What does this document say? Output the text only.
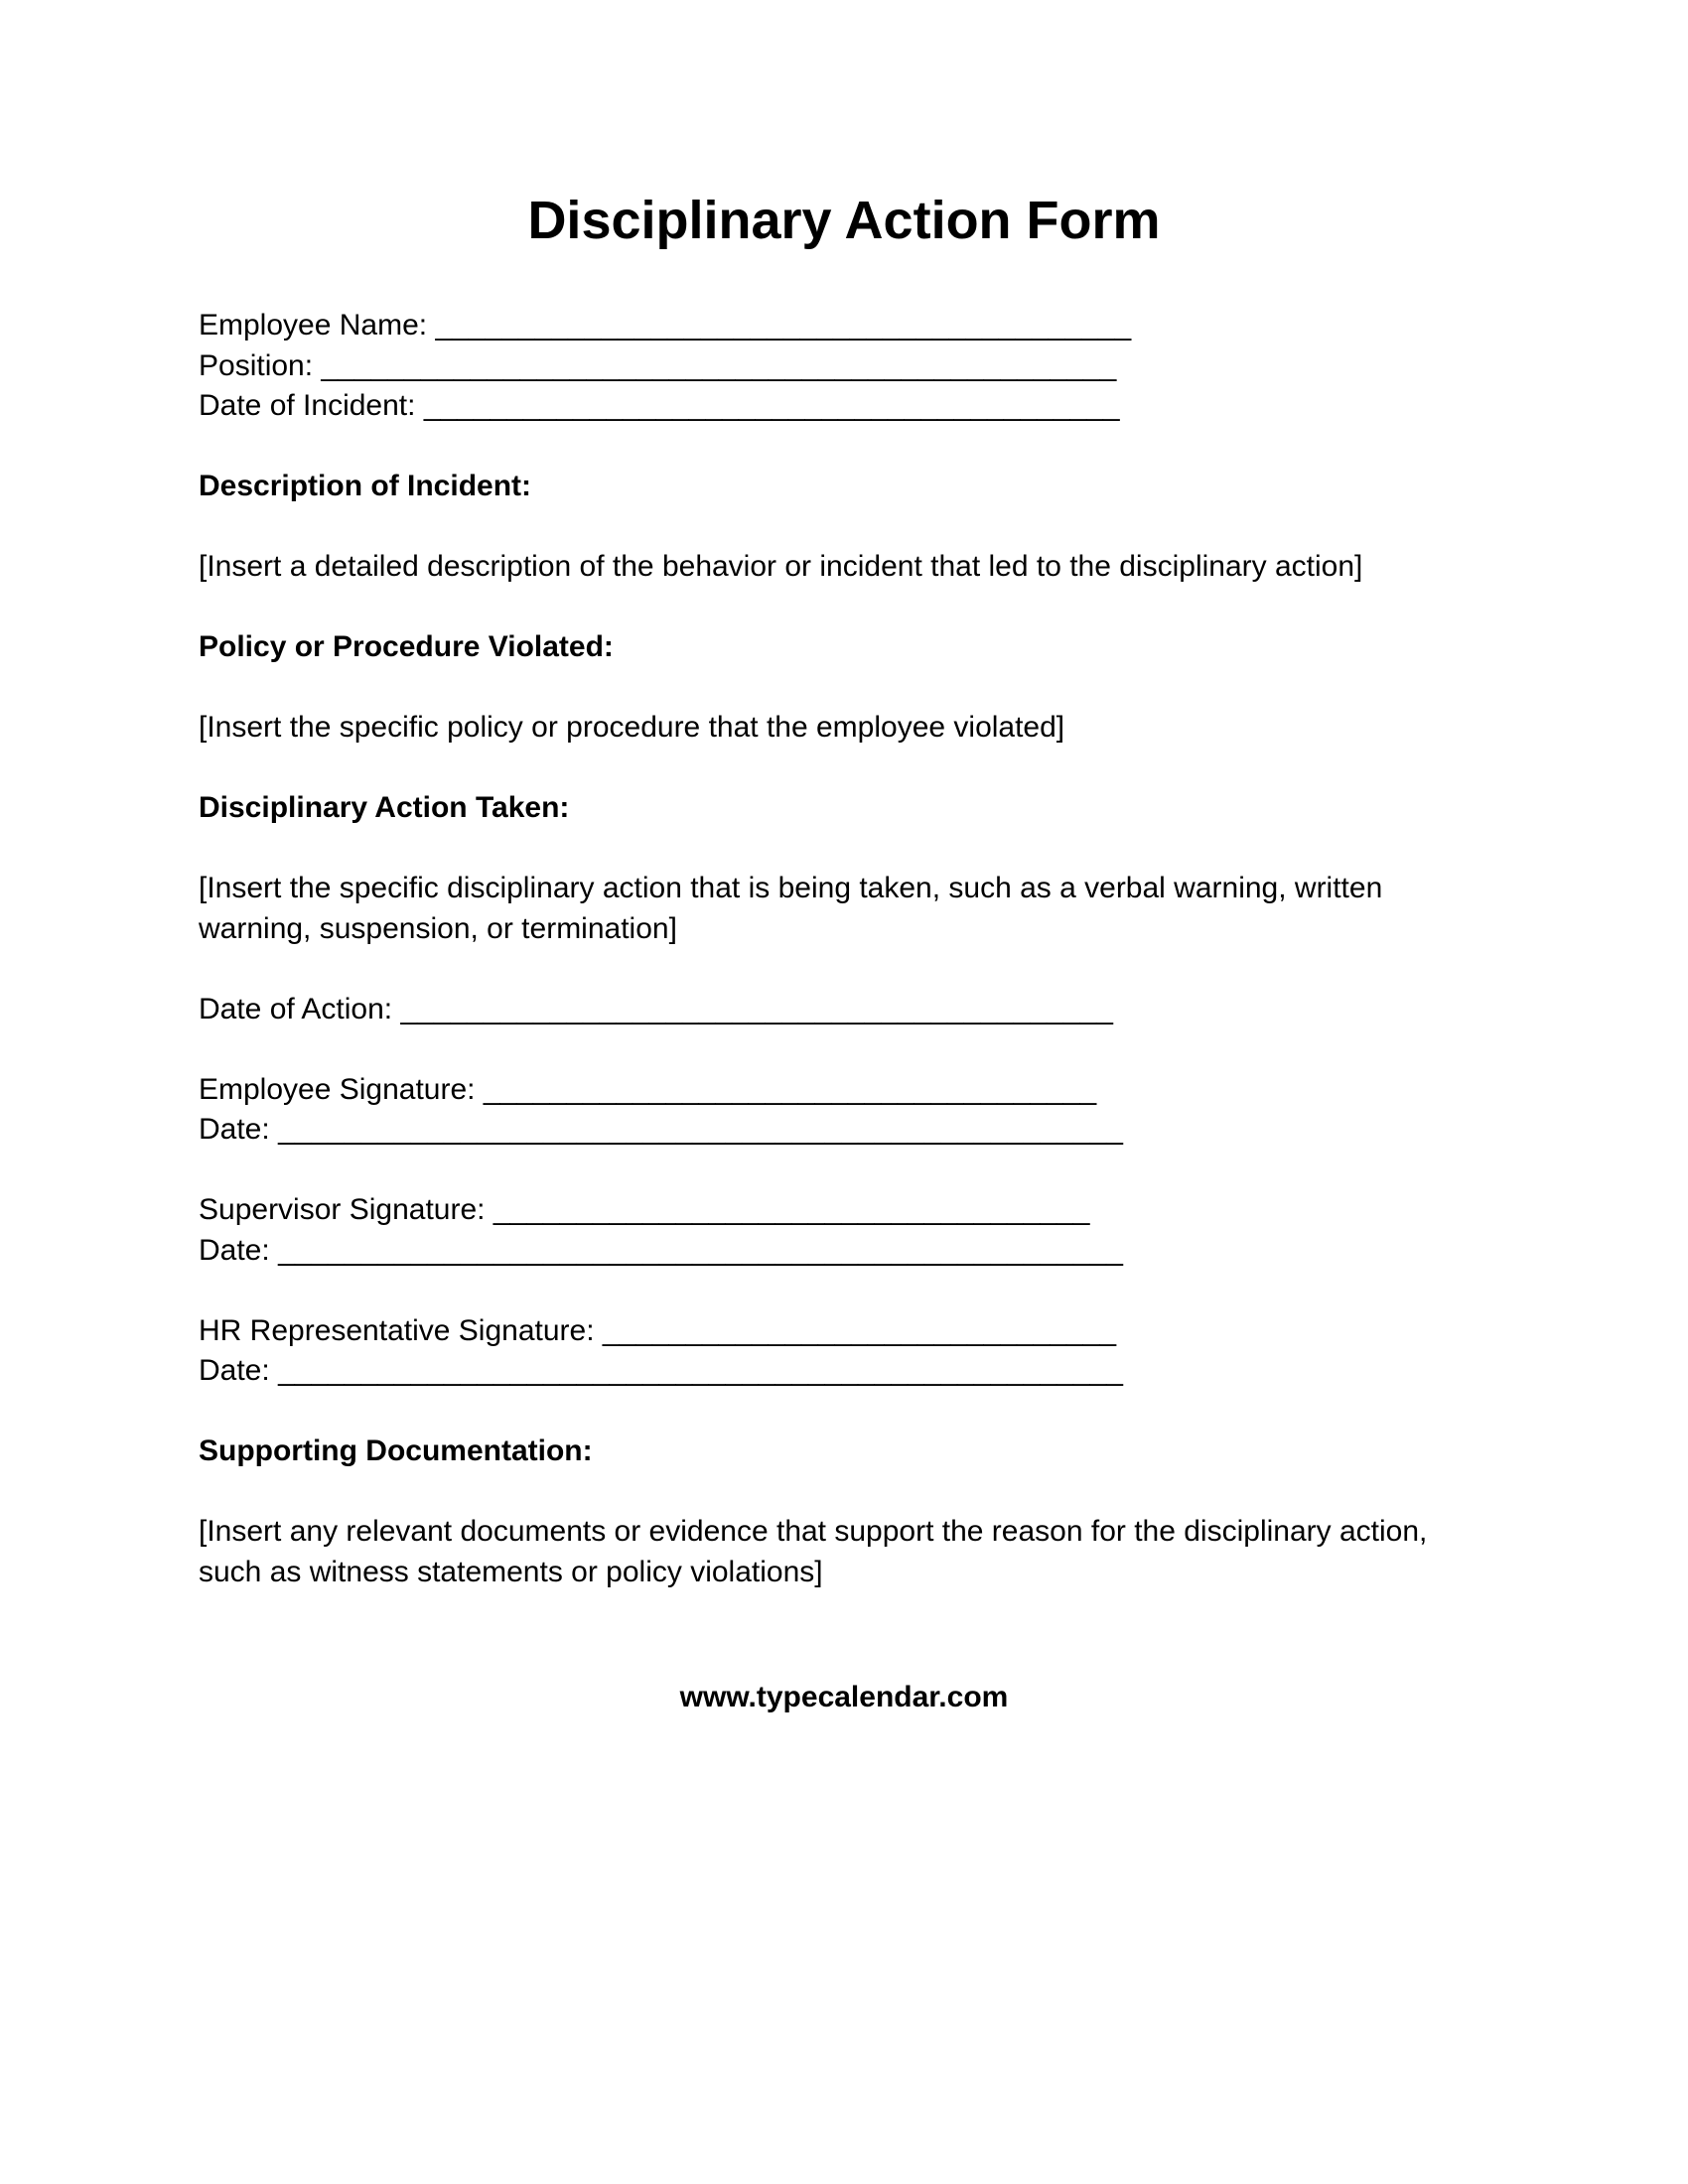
Disciplinary Action Form
Employee Name: __________________________________________
Position: ________________________________________________
Date of Incident: __________________________________________
Description of Incident:
[Insert a detailed description of the behavior or incident that led to the disciplinary action]
Policy or Procedure Violated:
[Insert the specific policy or procedure that the employee violated]
Disciplinary Action Taken:
[Insert the specific disciplinary action that is being taken, such as a verbal warning, written warning, suspension, or termination]
Date of Action: ___________________________________________
Employee Signature: _____________________________________
Date: ___________________________________________________
Supervisor Signature: ____________________________________
Date: ___________________________________________________
HR Representative Signature: _______________________________
Date: ___________________________________________________
Supporting Documentation:
[Insert any relevant documents or evidence that support the reason for the disciplinary action, such as witness statements or policy violations]
www.typecalendar.com
